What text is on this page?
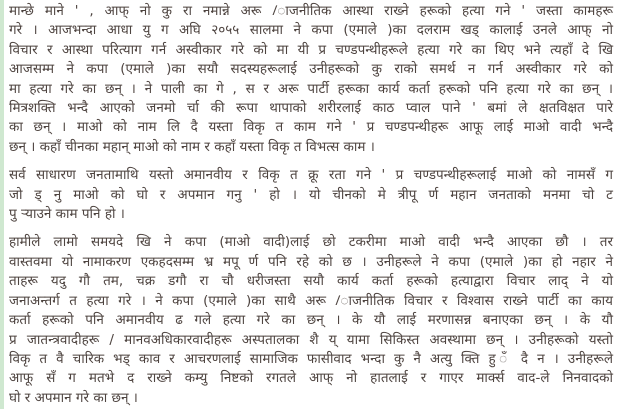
मान्छे माने ' , आफ् नो कु रा नमान्ने अरू /ाजनीतिक आस्था राख्ने हरूको हत्या गने ' जस्ता कामहरू
गरे । आजभन्दा आधा यु ग अघि २०५५ सालमा ने कपा (एमाले )का दलराम खड् कालाई उनले आफ् नो
विचार र आस्था परित्याग गर्न अस्वीकार गरे को मा यी प्र चण्डपन्थीहरूले हत्या गरे का थिए भने त्यहाँ दे खि
आजसम्म ने कपा (एमाले )का सयौ सदस्यहरूलाई उनीहरूको कु राको समर्थ न गर्न अस्वीकार गरे को
मा हत्या गरे का छन् । ने पाली का गे , स र अरू पार्टी हरूका कार्य कर्ता हरूको पनि हत्या गरे का छन् ।
मित्रशक्ति भन्दै आएको जनमो र्चा की रूपा थापाको शरीरलाई काठ प्वाल पाने ' बमां ले क्षतविक्षत पारे
का छन् । माओ को नाम लि दै यस्ता विकृ त काम गने ' प्र चण्डपन्थीहरू आफू लाई माओ वादी भन्दै
छन् । कहाँ चीनका महान् माओ को नाम र कहाँ यस्ता विकृ त विभत्स काम ।

सर्व साधारण जनतामाथि यस्तो अमानवीय र विकृ त क्रू रता गने ' प्र चण्डपन्थीहरूलाई माओ को नामसँ ग
जो ड् नु माओ को घो र अपमान गनु ' हो । यो चीनको मे त्रीपू र्ण महान जनताको मनमा चो ट
पु ऱ्याउने काम पनि हो ।

हामीले लामो समयदे खि ने कपा (माओ वादी)लाई छो टकरीमा माओ वादी भन्दै आएका छौ । तर
वास्तवमा यो नामाकरण एकहदसम्म भ्र मपू र्ण पनि रहे को छ । उनीहरूले ने कपा (एमाले )का हो नहार ने
ताहरू यदु गौ तम, चक्र डगौ रा चौ धरीजस्ता सयौ कार्य कर्ता हरूको हत्याद्वारा विचार लाद् ने यो
जनाअन्तर्ग त हत्या गरे । ने कपा (एमाले )का साथै अरू /ाजनीतिक विचार र विश्वास राख्ने पार्टी का काय
कर्ता हरूको पनि अमानवीय ढ गले हत्या गरे का छन् । के यौ लाई मरणासन्न बनाएका छन् । के यौ
प्र जातन्त्रवादीहरू / मानवअधिकारवादीहरू अस्पतालका शै य् यामा सिकिस्त अवस्थामा छन् । उनीहरूको यस्तो
विकृ त वै चारिक भड् काव र आचरणलाई सामाजिक फासीवाद भन्दा कु नै अत्यु क्ति हु ँ दै न । उनीहरूले
आफू सँ ग मतभे द राख्ने कम्यु निष्टको रगतले आफ् नो हातलाई र गाएर मार्क्स वाद-ले निनवादको
घो र अपमान गरे का छन् ।
